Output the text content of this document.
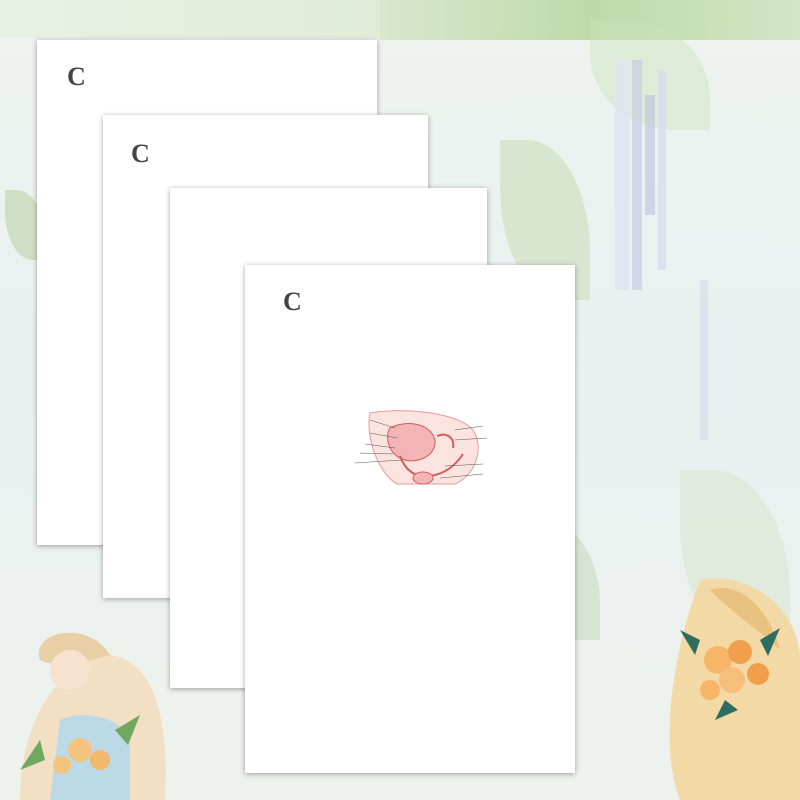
C
C
C
